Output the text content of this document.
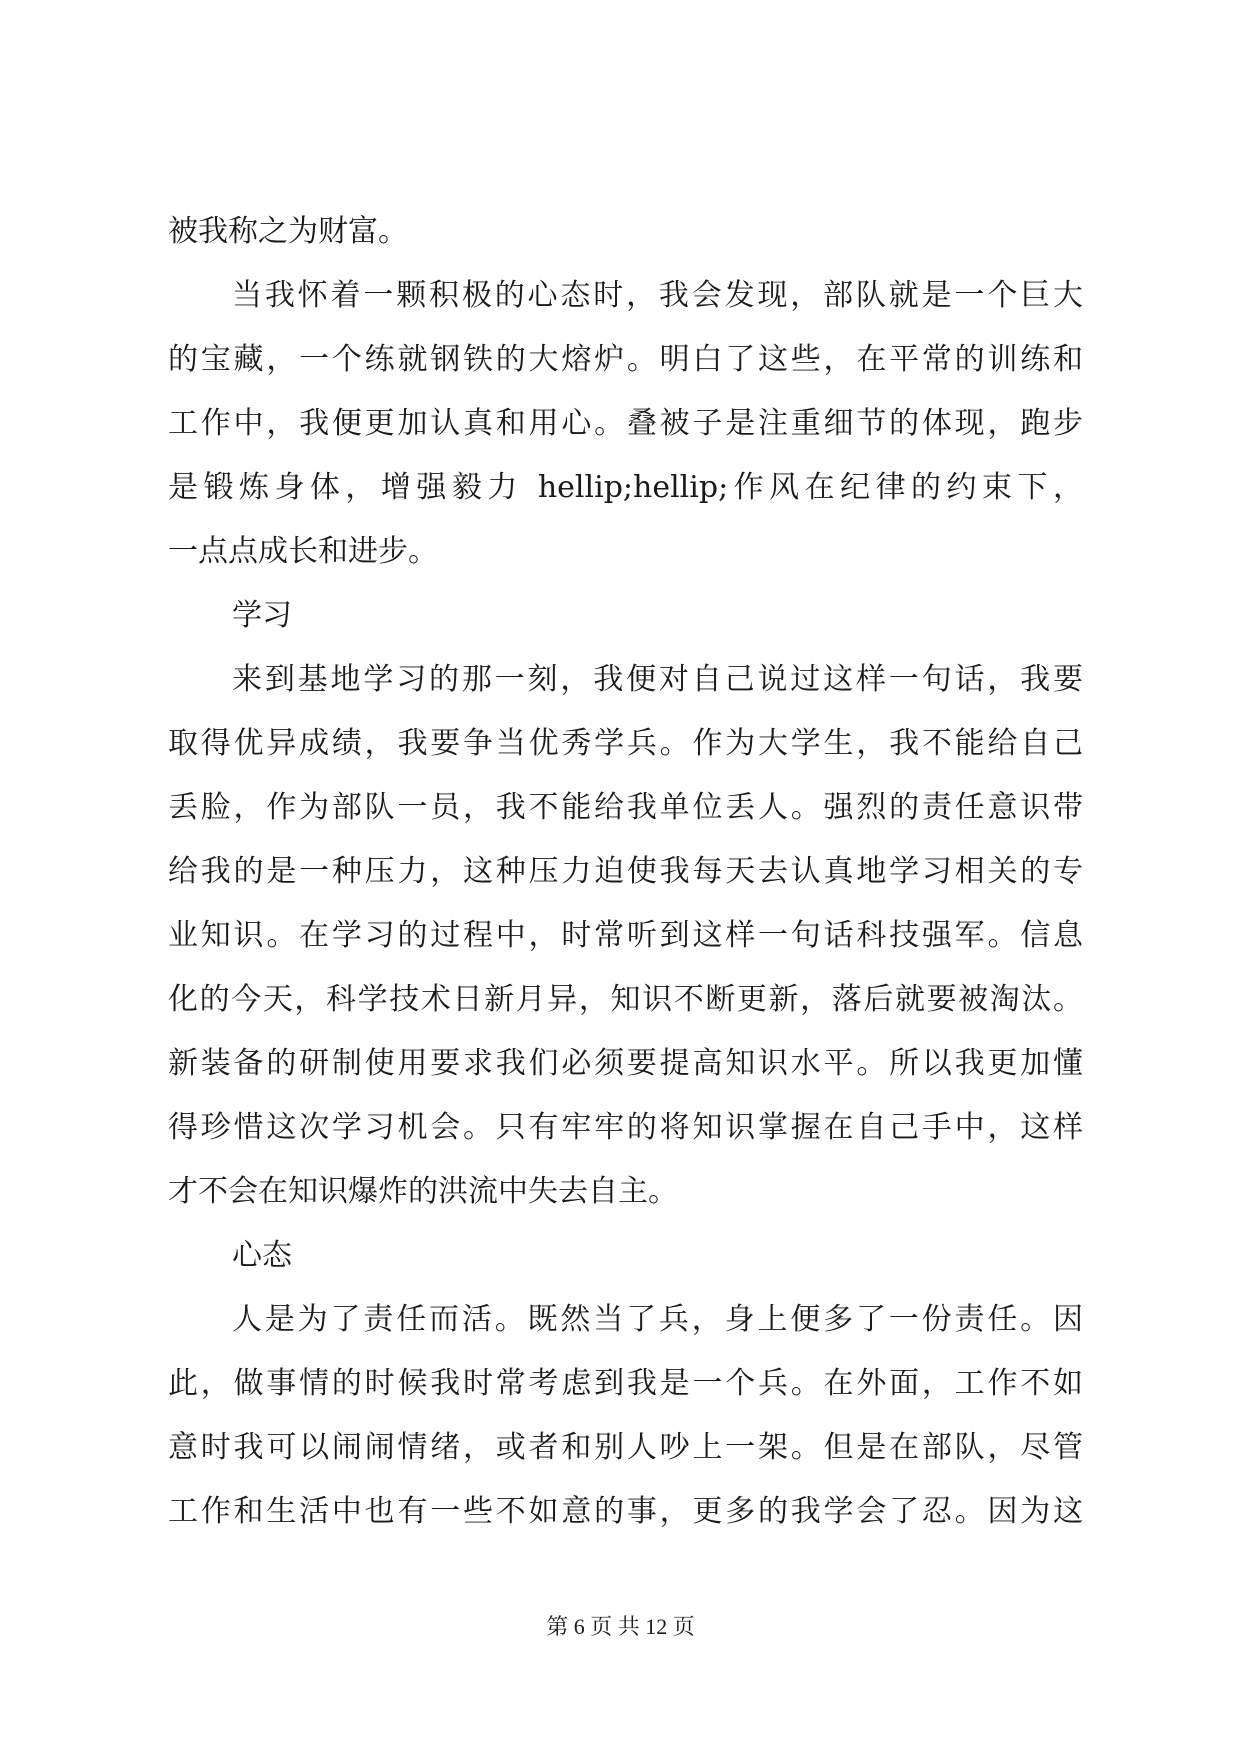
被我称之为财富。
当我怀着一颗积极的心态时，我会发现，部队就是一个巨大
的宝藏，一个练就钢铁的大熔炉。明白了这些，在平常的训练和
工作中，我便更加认真和用心。叠被子是注重细节的体现，跑步
是锻炼身体，增强毅力 hellip;hellip;作风在纪律的约束下，
一点点成长和进步。
学习
来到基地学习的那一刻，我便对自己说过这样一句话，我要
取得优异成绩，我要争当优秀学兵。作为大学生，我不能给自己
丢脸，作为部队一员，我不能给我单位丢人。强烈的责任意识带
给我的是一种压力，这种压力迫使我每天去认真地学习相关的专
业知识。在学习的过程中，时常听到这样一句话科技强军。信息
化的今天，科学技术日新月异，知识不断更新，落后就要被淘汰。
新装备的研制使用要求我们必须要提高知识水平。所以我更加懂
得珍惜这次学习机会。只有牢牢的将知识掌握在自己手中，这样
才不会在知识爆炸的洪流中失去自主。
心态
人是为了责任而活。既然当了兵，身上便多了一份责任。因
此，做事情的时候我时常考虑到我是一个兵。在外面，工作不如
意时我可以闹闹情绪，或者和别人吵上一架。但是在部队，尽管
工作和生活中也有一些不如意的事，更多的我学会了忍。因为这
第 6 页 共 12 页
